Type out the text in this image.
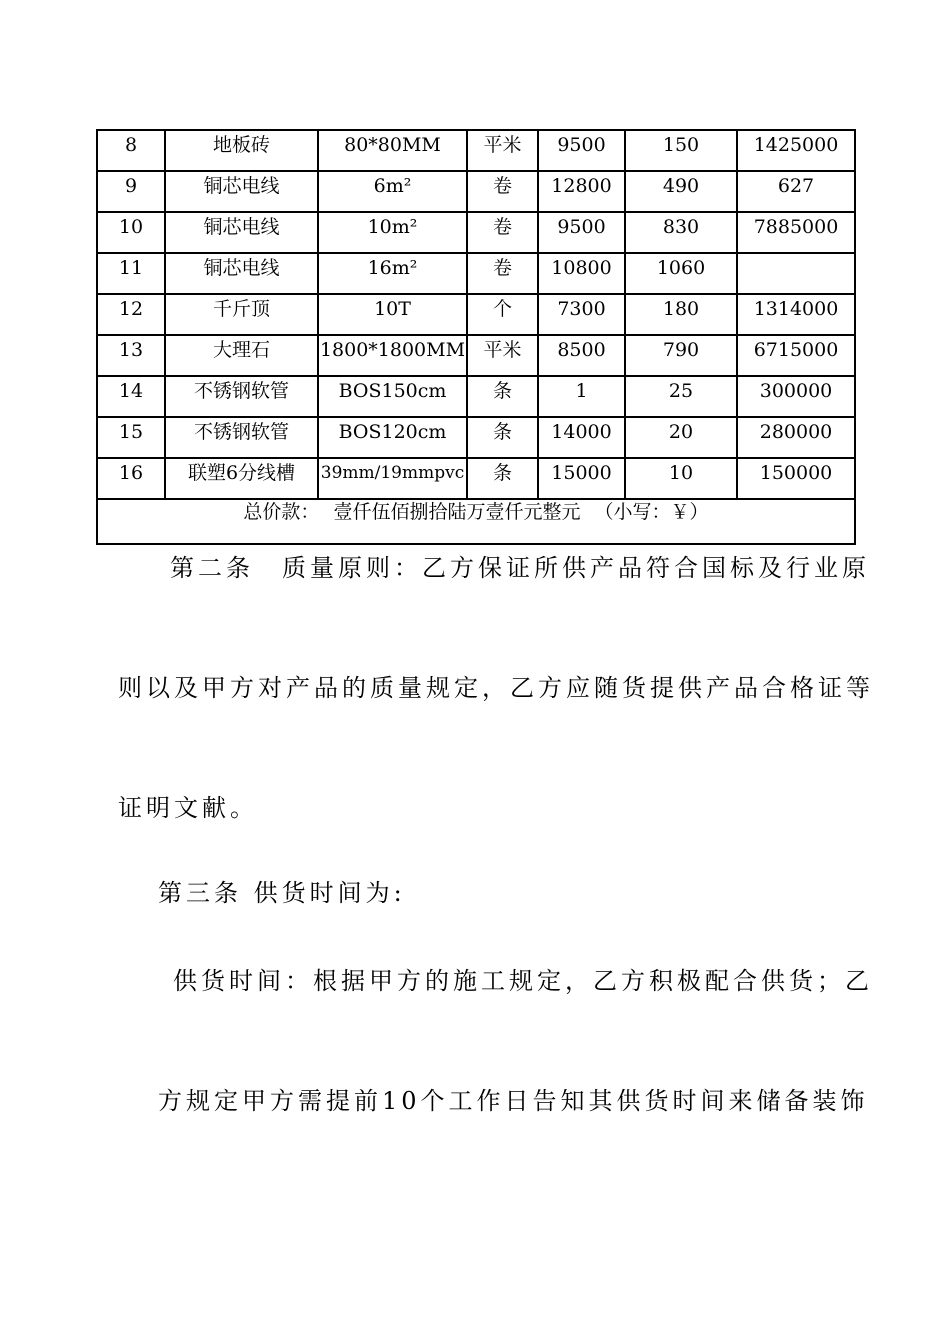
8	地板砖	80*80MM	平米	9500	150	1425000
9	铜芯电线	6m²	卷	12800	490	627
10	铜芯电线	10m²	卷	9500	830	7885000
11	铜芯电线	16m²	卷	10800	1060	
12	千斤顶	10T	个	7300	180	1314000
13	大理石	1800*1800MM	平米	8500	790	6715000
14	不锈钢软管	BOS150cm	条	1	25	300000
15	不锈钢软管	BOS120cm	条	14000	20	280000
16	联塑6分线槽	39mm/19mmpvc	条	15000	10	150000
总价款： 壹仟伍佰捌拾陆万壹仟元整元 （小写：￥）						

第二条　质量原则：乙方保证所供产品符合国标及行业原

则以及甲方对产品的质量规定，乙方应随货提供产品合格证等

证明文献。

第三条 供货时间为:

供货时间：根据甲方的施工规定，乙方积极配合供货；乙

方规定甲方需提前10个工作日告知其供货时间来储备装饰
